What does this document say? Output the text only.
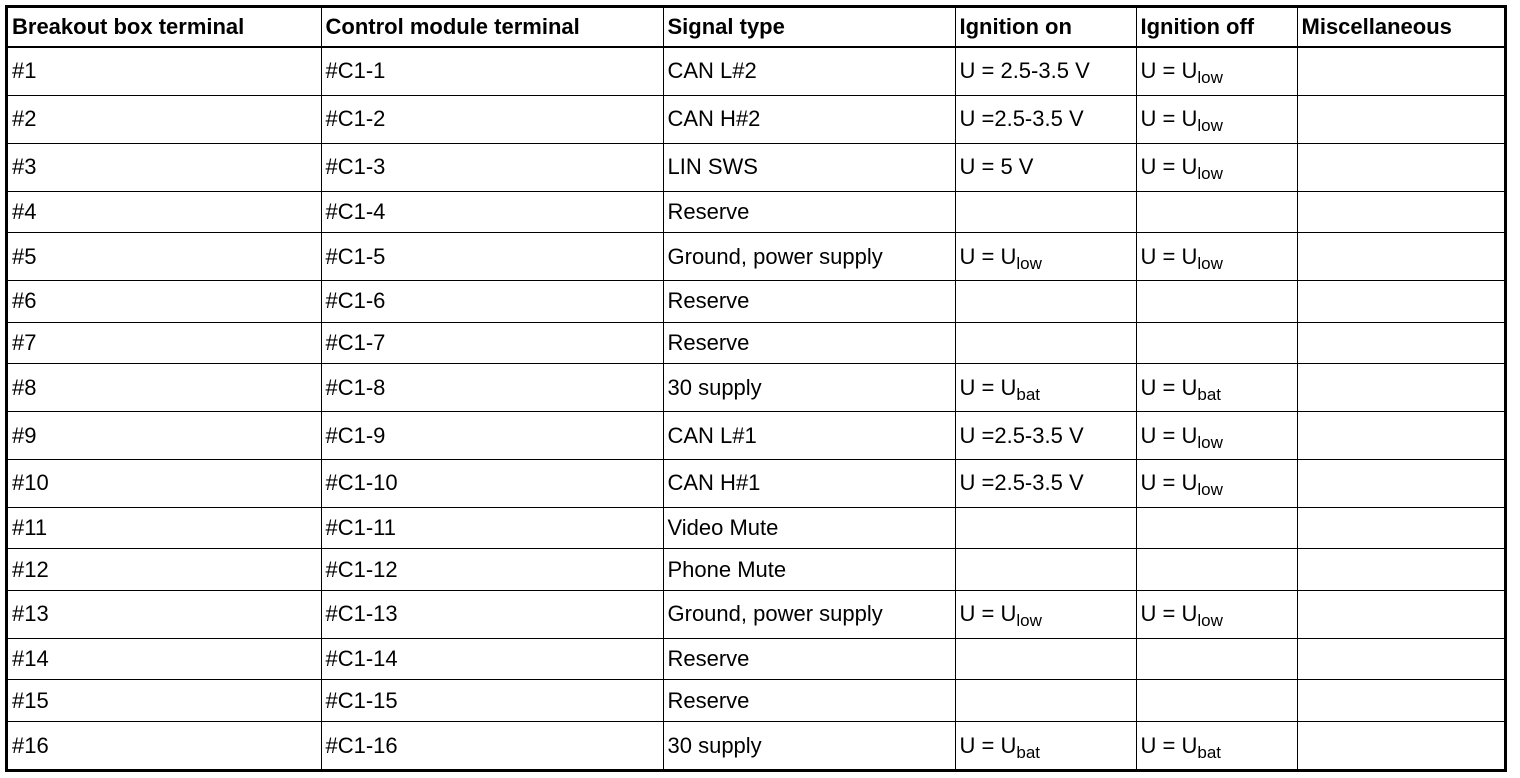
Breakout box terminal	Control module terminal	Signal type	Ignition on	Ignition off	Miscellaneous
#1	#C1-1	CAN L#2	U = 2.5-3.5 V	$U = U_{low}$	
#2	#C1-2	CAN H#2	U =2.5-3.5 V	$U = U_{low}$	
#3	#C1-3	LIN SWS	U = 5 V	$U = U_{low}$	
#4	#C1-4	Reserve			
#5	#C1-5	Ground, power supply	$U = U_{low}$	$U = U_{low}$	
#6	#C1-6	Reserve			
#7	#C1-7	Reserve			
#8	#C1-8	30 supply	$U = U_{bat}$	$U = U_{bat}$	
#9	#C1-9	CAN L#1	U =2.5-3.5 V	$U = U_{low}$	
#10	#C1-10	CAN H#1	U =2.5-3.5 V	$U = U_{low}$	
#11	#C1-11	Video Mute			
#12	#C1-12	Phone Mute			
#13	#C1-13	Ground, power supply	$U = U_{low}$	$U = U_{low}$	
#14	#C1-14	Reserve			
#15	#C1-15	Reserve			
#16	#C1-16	30 supply	$U = U_{bat}$	$U = U_{bat}$	
